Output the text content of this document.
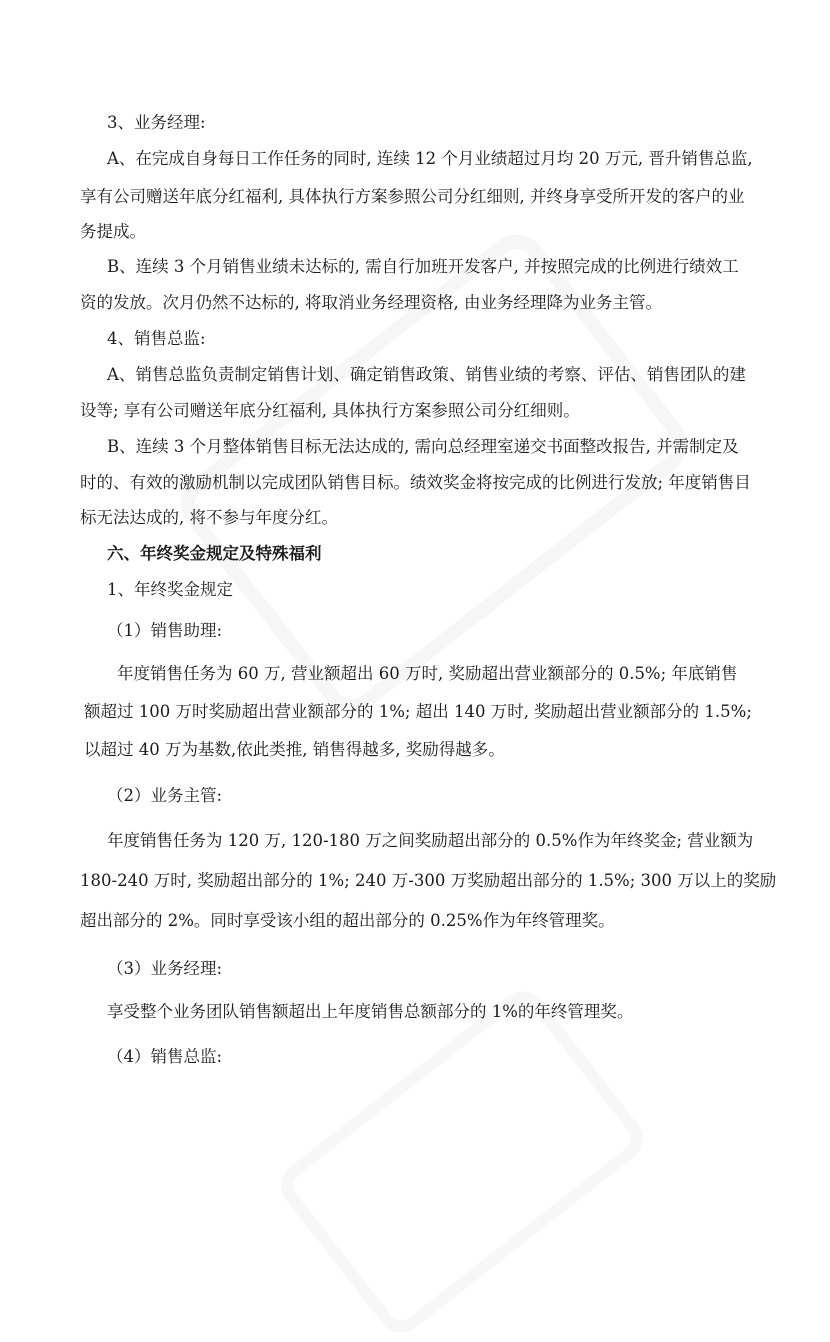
3、业务经理:
A、在完成自身每日工作任务的同时, 连续 12 个月业绩超过月均 20 万元, 晋升销售总监,
享有公司赠送年底分红福利, 具体执行方案参照公司分红细则, 并终身享受所开发的客户的业
务提成。
B、连续 3 个月销售业绩未达标的, 需自行加班开发客户, 并按照完成的比例进行绩效工
资的发放。次月仍然不达标的, 将取消业务经理资格, 由业务经理降为业务主管。
4、销售总监:
A、销售总监负责制定销售计划、确定销售政策、销售业绩的考察、评估、销售团队的建
设等; 享有公司赠送年底分红福利, 具体执行方案参照公司分红细则。
B、连续 3 个月整体销售目标无法达成的, 需向总经理室递交书面整改报告, 并需制定及
时的、有效的激励机制以完成团队销售目标。绩效奖金将按完成的比例进行发放; 年度销售目
标无法达成的, 将不参与年度分红。
六、年终奖金规定及特殊福利
1、年终奖金规定
（1）销售助理:
年度销售任务为 60 万, 营业额超出 60 万时, 奖励超出营业额部分的 0.5%; 年底销售
额超过 100 万时奖励超出营业额部分的 1%; 超出 140 万时, 奖励超出营业额部分的 1.5%;
以超过 40 万为基数,依此类推, 销售得越多, 奖励得越多。
（2）业务主管:
年度销售任务为 120 万, 120-180 万之间奖励超出部分的 0.5%作为年终奖金; 营业额为
180-240 万时, 奖励超出部分的 1%; 240 万-300 万奖励超出部分的 1.5%; 300 万以上的奖励
超出部分的 2%。同时享受该小组的超出部分的 0.25%作为年终管理奖。
（3）业务经理:
享受整个业务团队销售额超出上年度销售总额部分的 1%的年终管理奖。
（4）销售总监:
